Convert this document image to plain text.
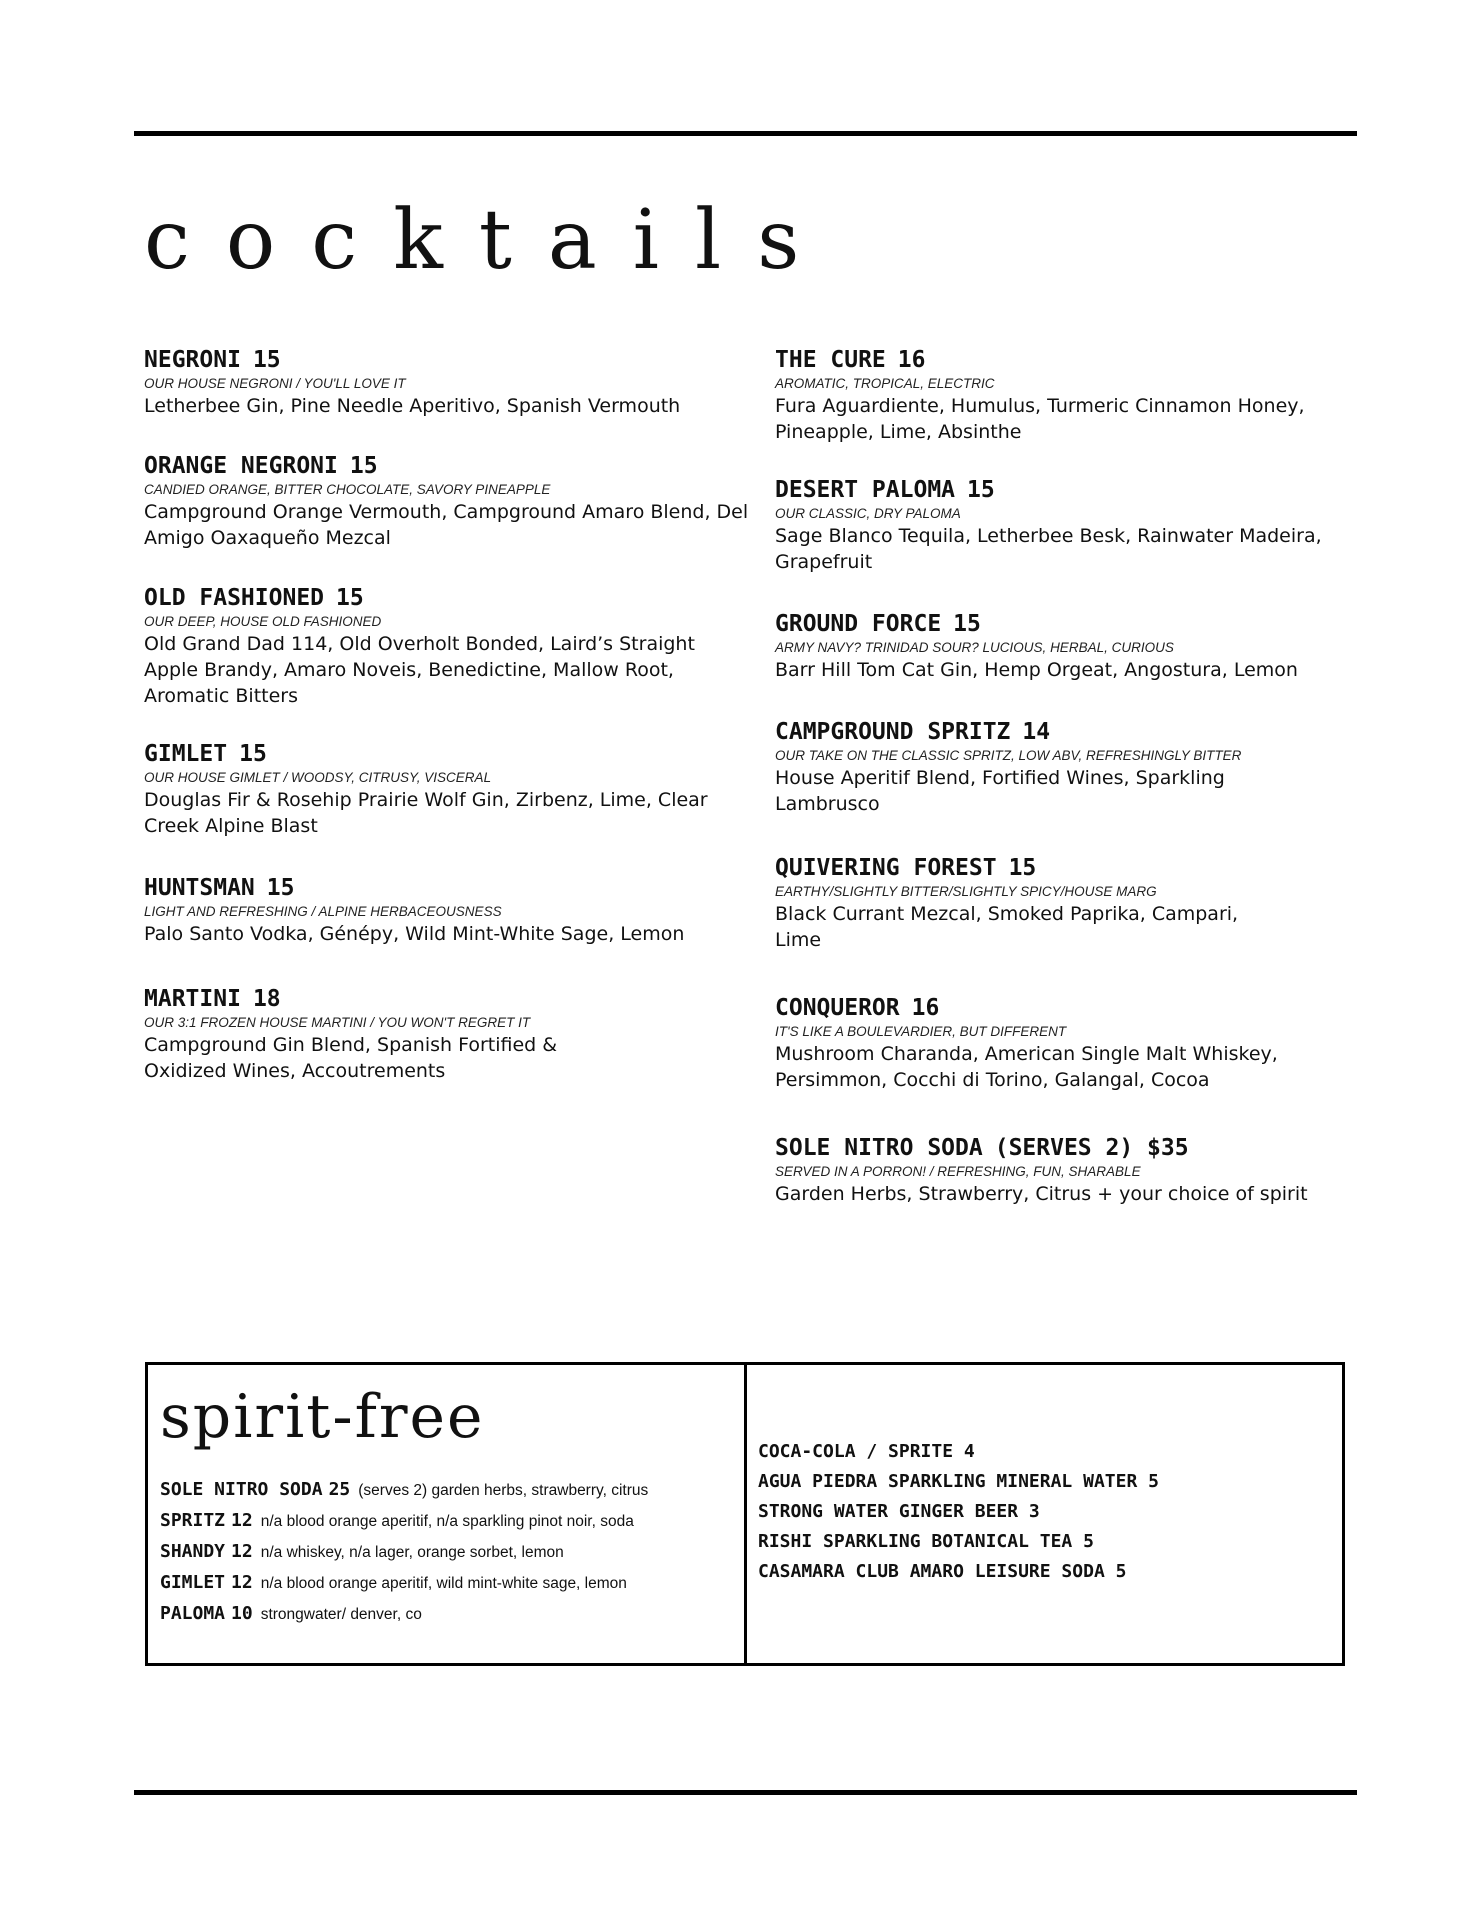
cocktails
NEGRONI 15
OUR HOUSE NEGRONI / YOU'LL LOVE IT
Letherbee Gin, Pine Needle Aperitivo, Spanish Vermouth
ORANGE NEGRONI 15
CANDIED ORANGE, BITTER CHOCOLATE, SAVORY PINEAPPLE
Campground Orange Vermouth, Campground Amaro Blend, Del Amigo Oaxaqueño Mezcal
OLD FASHIONED 15
OUR DEEP, HOUSE OLD FASHIONED
Old Grand Dad 114, Old Overholt Bonded, Laird’s Straight Apple Brandy, Amaro Noveis, Benedictine, Mallow Root, Aromatic Bitters
GIMLET 15
OUR HOUSE GIMLET / WOODSY, CITRUSY, VISCERAL
Douglas Fir & Rosehip Prairie Wolf Gin, Zirbenz, Lime, Clear Creek Alpine Blast
HUNTSMAN 15
LIGHT AND REFRESHING / ALPINE HERBACEOUSNESS
Palo Santo Vodka, Génépy, Wild Mint-White Sage, Lemon
MARTINI 18
OUR 3:1 FROZEN HOUSE MARTINI / YOU WON'T REGRET IT
Campground Gin Blend, Spanish Fortified & Oxidized Wines, Accoutrements
THE CURE 16
AROMATIC, TROPICAL, ELECTRIC
Fura Aguardiente, Humulus, Turmeric Cinnamon Honey, Pineapple, Lime, Absinthe
DESERT PALOMA 15
OUR CLASSIC, DRY PALOMA
Sage Blanco Tequila, Letherbee Besk, Rainwater Madeira, Grapefruit
GROUND FORCE 15
ARMY NAVY? TRINIDAD SOUR? LUCIOUS, HERBAL, CURIOUS
Barr Hill Tom Cat Gin, Hemp Orgeat, Angostura, Lemon
CAMPGROUND SPRITZ 14
OUR TAKE ON THE CLASSIC SPRITZ, LOW ABV, REFRESHINGLY BITTER
House Aperitif Blend, Fortified Wines, Sparkling Lambrusco
QUIVERING FOREST 15
EARTHY/SLIGHTLY BITTER/SLIGHTLY SPICY/HOUSE MARG
Black Currant Mezcal, Smoked Paprika, Campari, Lime
CONQUEROR 16
IT'S LIKE A BOULEVARDIER, BUT DIFFERENT
Mushroom Charanda, American Single Malt Whiskey, Persimmon, Cocchi di Torino, Galangal, Cocoa
SOLE NITRO SODA (SERVES 2) $35
SERVED IN A PORRON! / REFRESHING, FUN, SHARABLE
Garden Herbs, Strawberry, Citrus + your choice of spirit
spirit-free
SOLE NITRO SODA 25 (serves 2) garden herbs, strawberry, citrus
SPRITZ 12 n/a blood orange aperitif, n/a sparkling pinot noir, soda
SHANDY 12 n/a whiskey, n/a lager, orange sorbet, lemon
GIMLET 12 n/a blood orange aperitif, wild mint-white sage, lemon
PALOMA 10 strongwater/ denver, co
COCA-COLA / SPRITE 4
AGUA PIEDRA SPARKLING MINERAL WATER 5
STRONG WATER GINGER BEER 3
RISHI SPARKLING BOTANICAL TEA 5
CASAMARA CLUB AMARO LEISURE SODA 5
